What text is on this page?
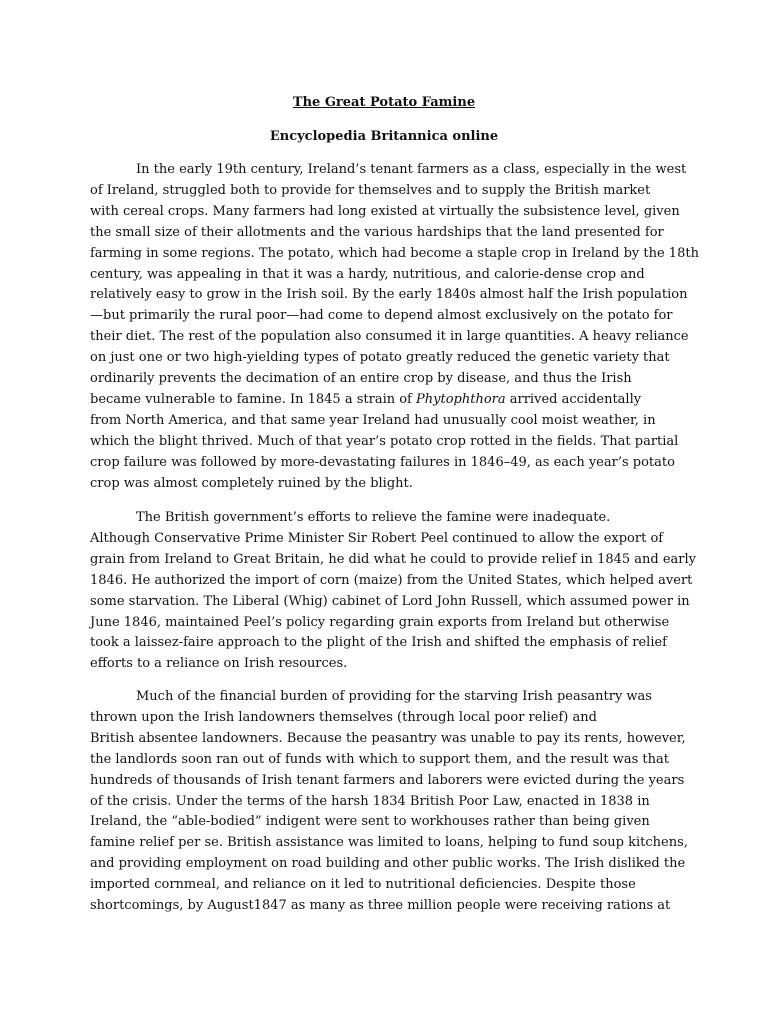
The Great Potato Famine
Encyclopedia Britannica online
In the early 19th century, Ireland’s tenant farmers as a class, especially in the west
of Ireland, struggled both to provide for themselves and to supply the British market
with cereal crops. Many farmers had long existed at virtually the subsistence level, given
the small size of their allotments and the various hardships that the land presented for
farming in some regions. The potato, which had become a staple crop in Ireland by the 18th
century, was appealing in that it was a hardy, nutritious, and calorie-dense crop and
relatively easy to grow in the Irish soil. By the early 1840s almost half the Irish population
—but primarily the rural poor—had come to depend almost exclusively on the potato for
their diet. The rest of the population also consumed it in large quantities. A heavy reliance
on just one or two high-yielding types of potato greatly reduced the genetic variety that
ordinarily prevents the decimation of an entire crop by disease, and thus the Irish
became vulnerable to famine. In 1845 a strain of Phytophthora arrived accidentally
from North America, and that same year Ireland had unusually cool moist weather, in
which the blight thrived. Much of that year’s potato crop rotted in the fields. That partial
crop failure was followed by more-devastating failures in 1846–49, as each year’s potato
crop was almost completely ruined by the blight.
The British government’s efforts to relieve the famine were inadequate.
Although Conservative Prime Minister Sir Robert Peel continued to allow the export of
grain from Ireland to Great Britain, he did what he could to provide relief in 1845 and early
1846. He authorized the import of corn (maize) from the United States, which helped avert
some starvation. The Liberal (Whig) cabinet of Lord John Russell, which assumed power in
June 1846, maintained Peel’s policy regarding grain exports from Ireland but otherwise
took a laissez-faire approach to the plight of the Irish and shifted the emphasis of relief
efforts to a reliance on Irish resources.
Much of the financial burden of providing for the starving Irish peasantry was
thrown upon the Irish landowners themselves (through local poor relief) and
British absentee landowners. Because the peasantry was unable to pay its rents, however,
the landlords soon ran out of funds with which to support them, and the result was that
hundreds of thousands of Irish tenant farmers and laborers were evicted during the years
of the crisis. Under the terms of the harsh 1834 British Poor Law, enacted in 1838 in
Ireland, the “able-bodied” indigent were sent to workhouses rather than being given
famine relief per se. British assistance was limited to loans, helping to fund soup kitchens,
and providing employment on road building and other public works. The Irish disliked the
imported cornmeal, and reliance on it led to nutritional deficiencies. Despite those
shortcomings, by August1847 as many as three million people were receiving rations at
